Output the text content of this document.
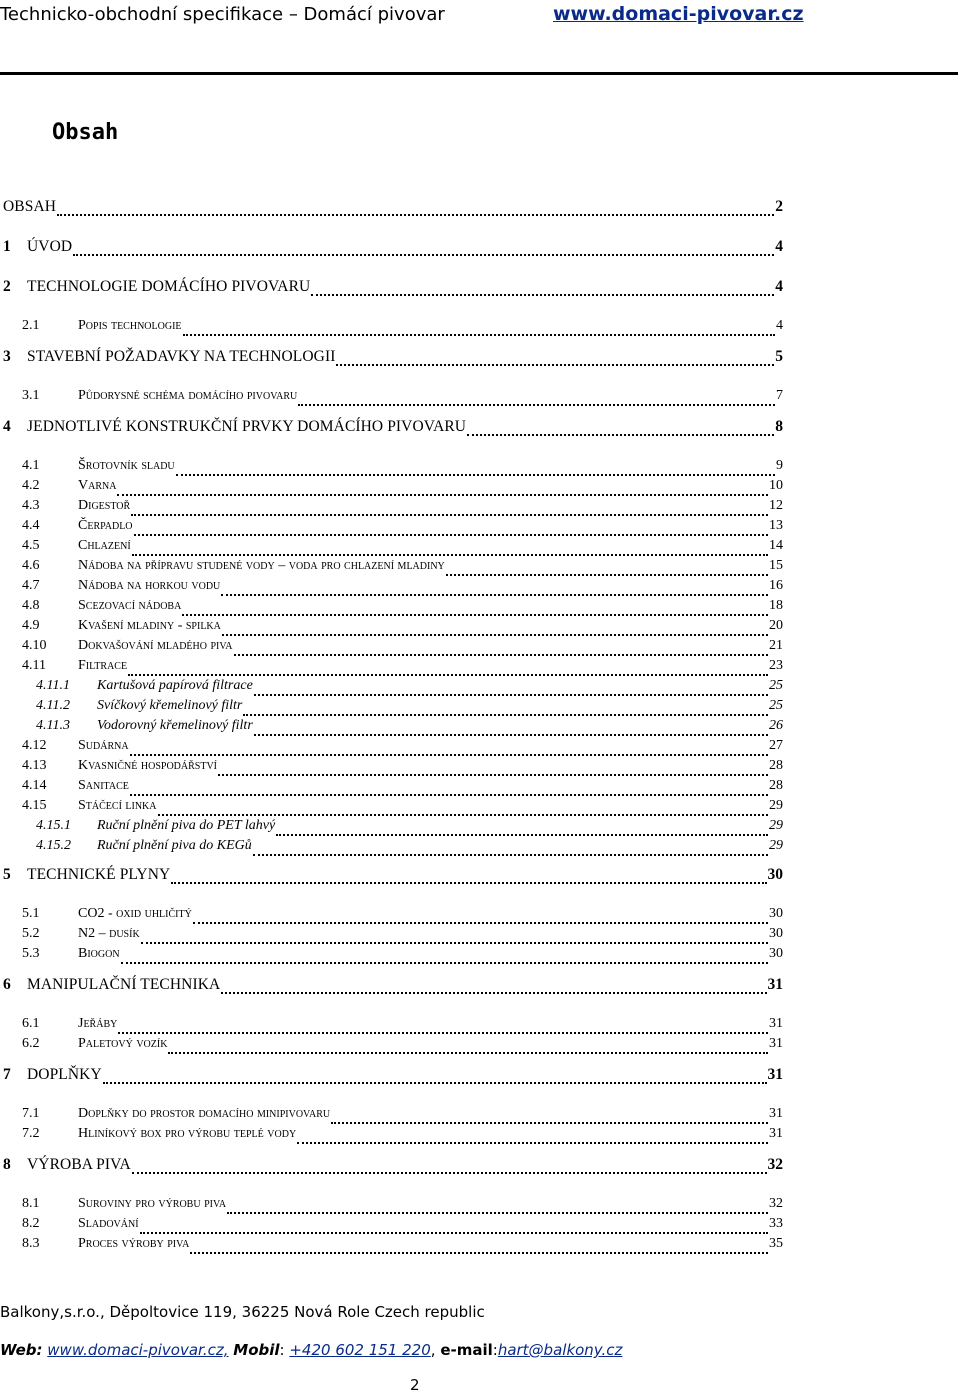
Technicko-obchodní specifikace – Domácí pivovar	www.domaci-pivovar.cz
Obsah
OBSAH	2
1	ÚVOD	4
2	TECHNOLOGIE DOMÁCÍHO PIVOVARU	4
2.1	Popis technologie	4
3	STAVEBNÍ POŽADAVKY NA TECHNOLOGII	5
3.1	Půdorysné schéma domácího pivovaru	7
4	JEDNOTLIVÉ KONSTRUKČNÍ PRVKY DOMÁCÍHO PIVOVARU	8
4.1	Šrotovník sladu	9
4.2	Varna	10
4.3	Digestoř	12
4.4	Čerpadlo	13
4.5	Chlazení	14
4.6	Nádoba na přípravu studené vody – voda pro chlazení mladiny	15
4.7	Nádoba na horkou vodu	16
4.8	Scezovací nádoba	18
4.9	Kvašení mladiny - spilka	20
4.10	Dokvašování mladého piva	21
4.11	Filtrace	23
4.11.1	Kartušová papírová filtrace	25
4.11.2	Svíčkový křemelinový filtr	25
4.11.3	Vodorovný křemelinový filtr	26
4.12	Sudárna	27
4.13	Kvasničné hospodářství	28
4.14	Sanitace	28
4.15	Stáčecí linka	29
4.15.1	Ruční plnění piva do PET lahvý	29
4.15.2	Ruční plnění piva do KEGů	29
5	TECHNICKÉ PLYNY	30
5.1	CO2 - oxid uhličitý	30
5.2	N2 – dusík	30
5.3	Biogon	30
6	MANIPULAČNÍ TECHNIKA	31
6.1	Jeřáby	31
6.2	Paletový vozík	31
7	DOPLŇKY	31
7.1	Doplňky do prostor domacího minipivovaru	31
7.2	Hliníkový box pro výrobu teplé vody	31
8	VÝROBA PIVA	32
8.1	Suroviny pro výrobu piva	32
8.2	Sladování	33
8.3	Proces výroby piva	35
Balkony,s.r.o., Děpoltovice 119, 36225 Nová Role Czech republic
Web: www.domaci-pivovar.cz, Mobil: +420 602 151 220, e-mail:hart@balkony.cz
2
